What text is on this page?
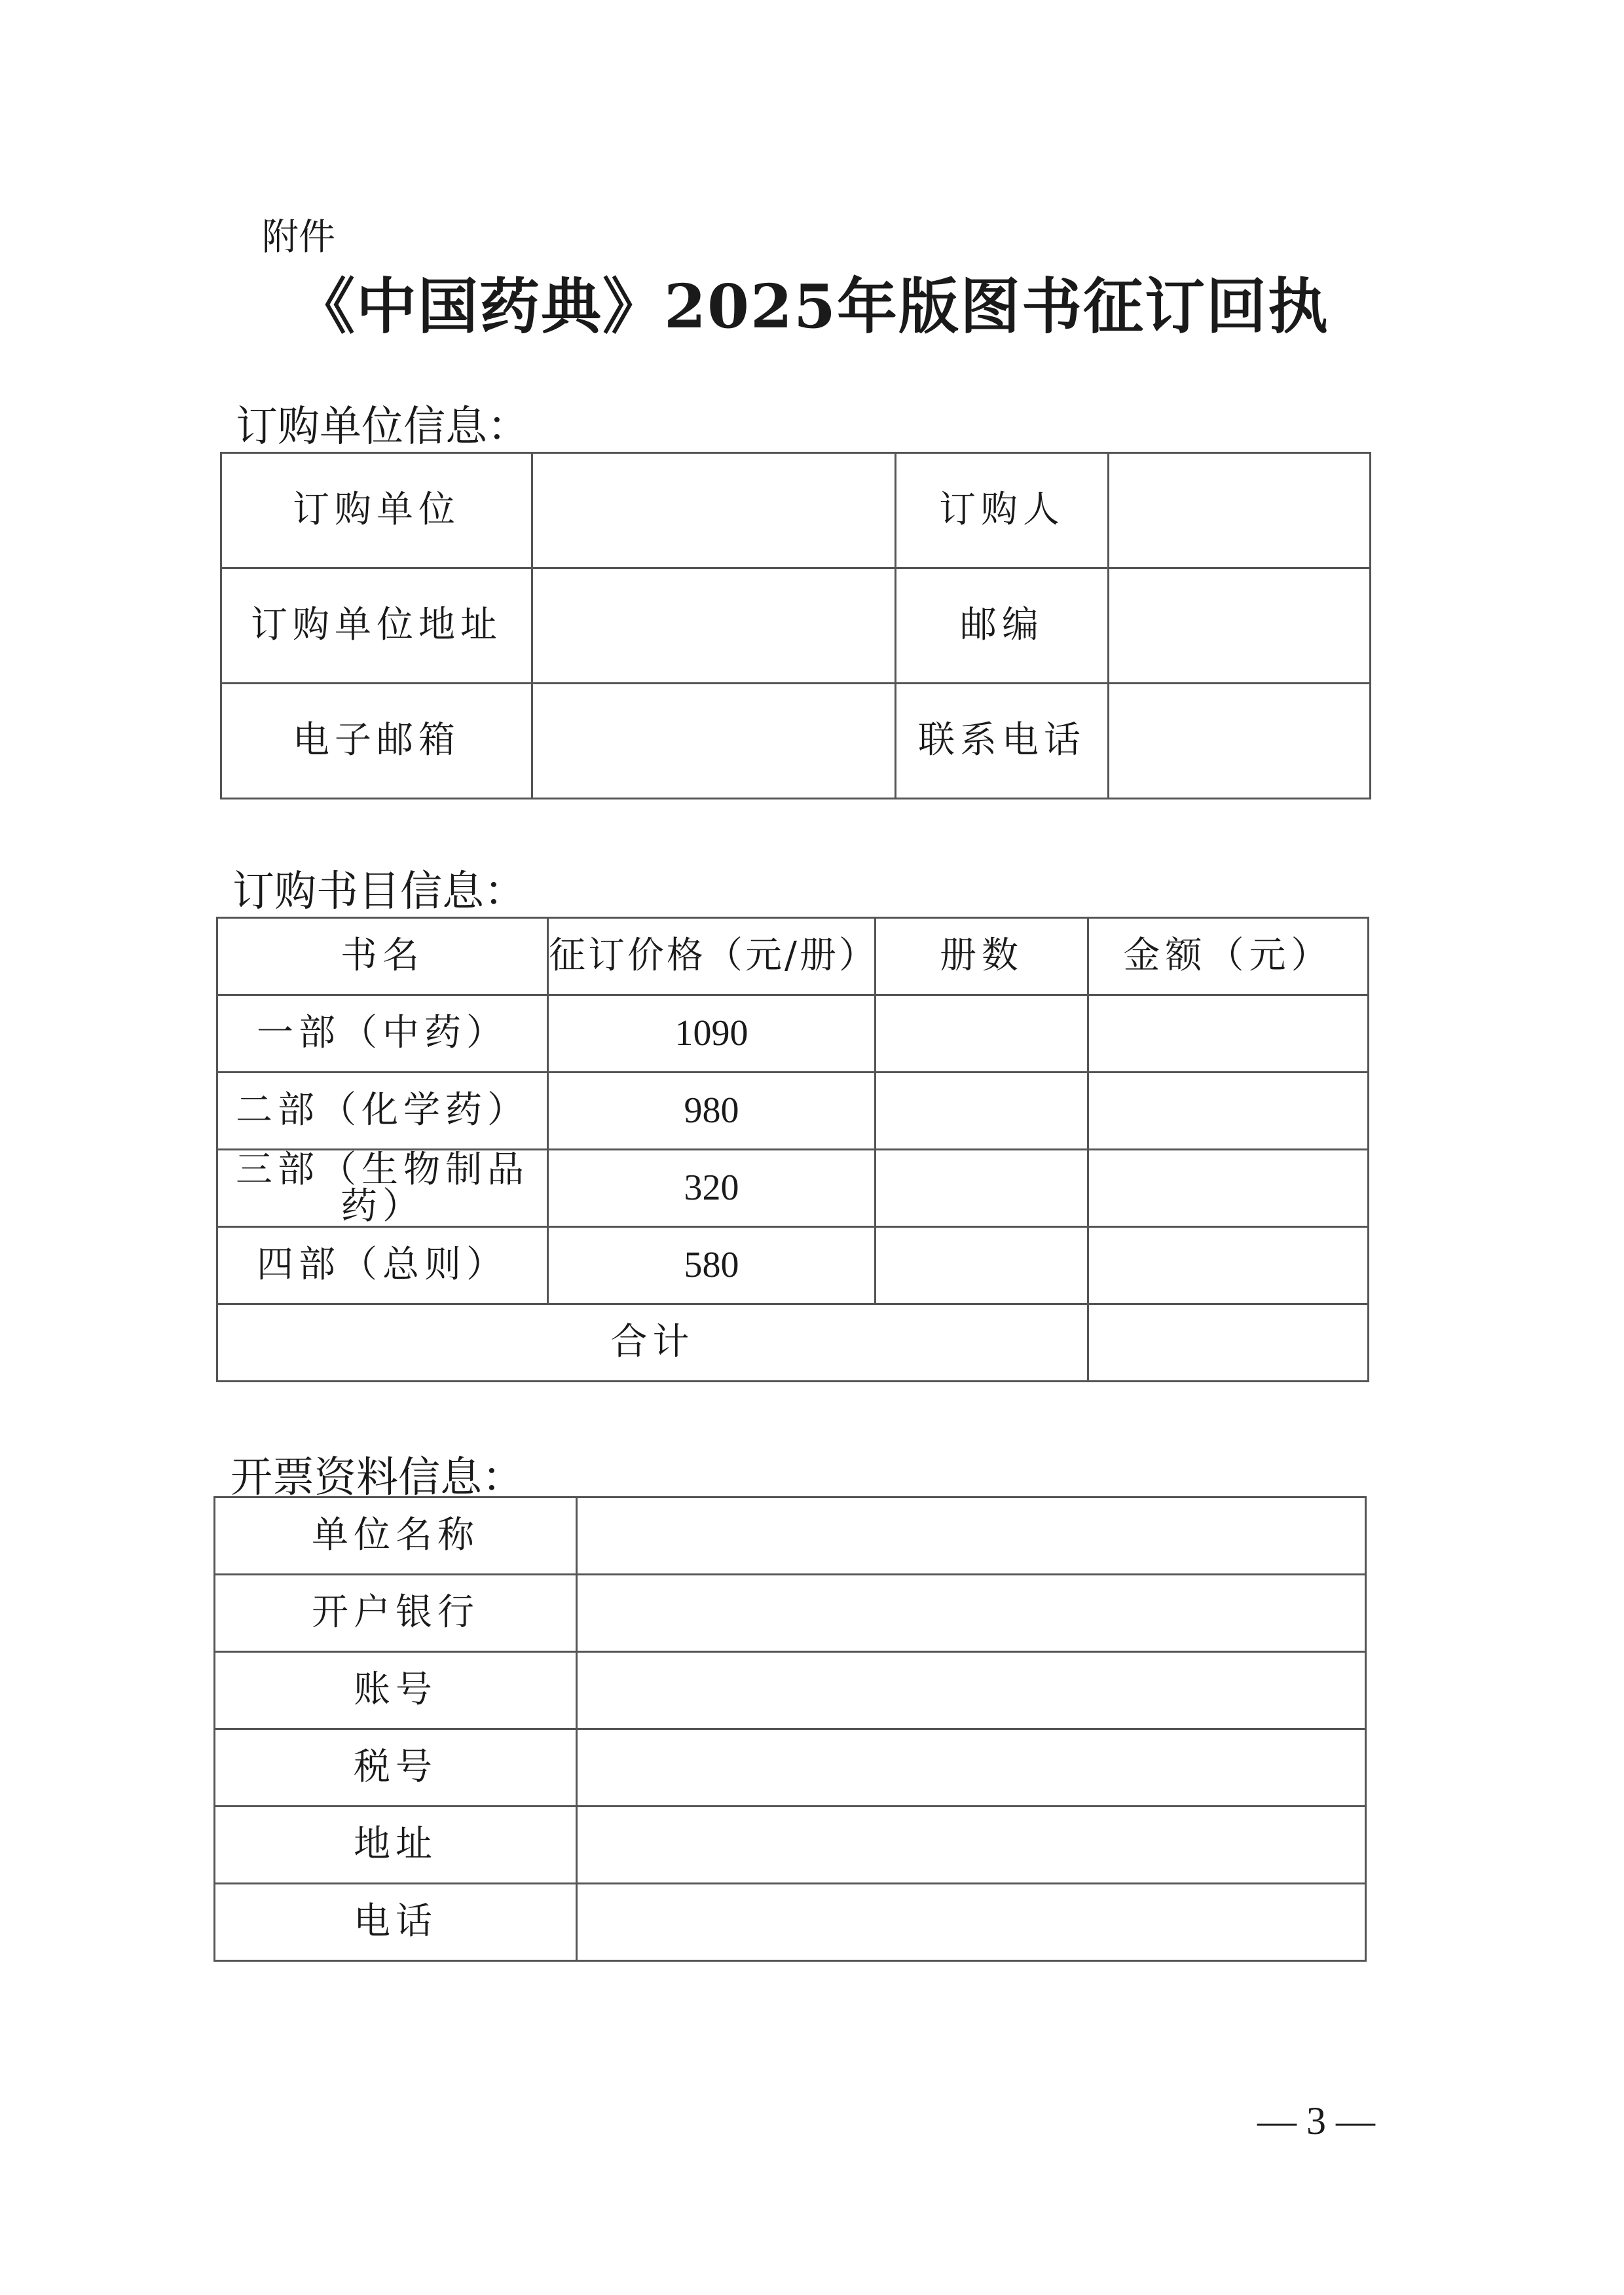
附件
《中国药典》2025年版图书征订回执
订购单位信息：
订购单位		订购人	
订购单位地址		邮编	
电子邮箱		联系电话	
订购书目信息：
书名	征订价格（元/册）	册数	金额（元）
一部（中药）	1090		
二部（化学药）	980		
三部（生物制品药）	320		
四部（总则）	580		
合计			
开票资料信息：
单位名称	
开户银行	
账号	
税号	
地址	
电话	
— 3 —
